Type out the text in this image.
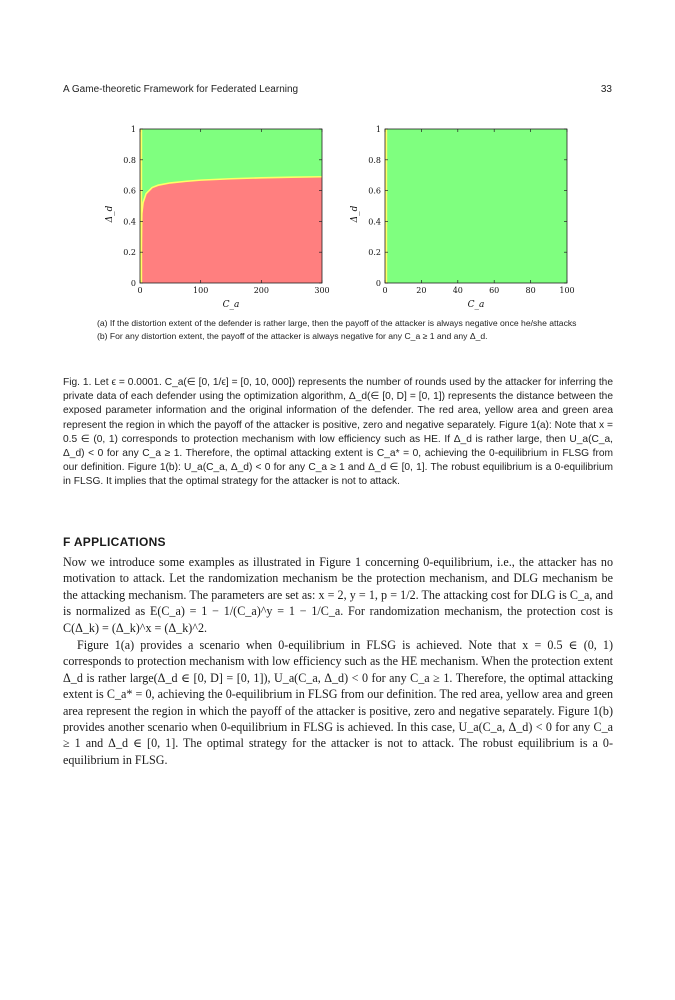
A Game-theoretic Framework for Federated Learning	33
0	100	200	300
0
0.2
0.4
0.6
0.8
1
C_a
Δ_d
0	20	40	60	80	100
0
0.2
0.4
0.6
0.8
1
C_a
Δ_d
(a) If the distortion extent of the defender is rather large, then the payoff of the attacker is always negative once he/she attacks
(b) For any distortion extent, the payoff of the attacker is always negative for any C_a ≥ 1 and any Δ_d.
Fig. 1. Let ϵ = 0.0001. C_a(∈ [0, 1/ϵ] = [0, 10, 000]) represents the number of rounds used by the attacker for inferring the private data of each defender using the optimization algorithm, Δ_d(∈ [0, D] = [0, 1]) represents the distance between the exposed parameter information and the original information of the defender. The red area, yellow area and green area represent the region in which the payoff of the attacker is positive, zero and negative separately. Figure 1(a): Note that x = 0.5 ∈ (0, 1) corresponds to protection mechanism with low efficiency such as HE. If Δ_d is rather large, then U_a(C_a, Δ_d) < 0 for any C_a ≥ 1. Therefore, the optimal attacking extent is C_a* = 0, achieving the 0-equilibrium in FLSG from our definition. Figure 1(b): U_a(C_a, Δ_d) < 0 for any C_a ≥ 1 and Δ_d ∈ [0, 1]. The robust equilibrium is a 0-equilibrium in FLSG. It implies that the optimal strategy for the attacker is not to attack.
F APPLICATIONS

Now we introduce some examples as illustrated in Figure 1 concerning 0-equilibrium, i.e., the attacker has no motivation to attack. Let the randomization mechanism be the protection mechanism, and DLG mechanism be the attacking mechanism. The parameters are set as: x = 2, y = 1, p = 1/2. The attacking cost for DLG is C_a, and is normalized as E(C_a) = 1 − 1/(C_a)^y = 1 − 1/C_a. For randomization mechanism, the protection cost is C(Δ_k) = (Δ_k)^x = (Δ_k)^2.

Figure 1(a) provides a scenario when 0-equilibrium in FLSG is achieved. Note that x = 0.5 ∈ (0, 1) corresponds to protection mechanism with low efficiency such as the HE mechanism. When the protection extent Δ_d is rather large(Δ_d ∈ [0, D] = [0, 1]), U_a(C_a, Δ_d) < 0 for any C_a ≥ 1. Therefore, the optimal attacking extent is C_a* = 0, achieving the 0-equilibrium in FLSG from our definition. The red area, yellow area and green area represent the region in which the payoff of the attacker is positive, zero and negative separately. Figure 1(b) provides another scenario when 0-equilibrium in FLSG is achieved. In this case, U_a(C_a, Δ_d) < 0 for any C_a ≥ 1 and Δ_d ∈ [0, 1]. The optimal strategy for the attacker is not to attack. The robust equilibrium is a 0-equilibrium in FLSG.
